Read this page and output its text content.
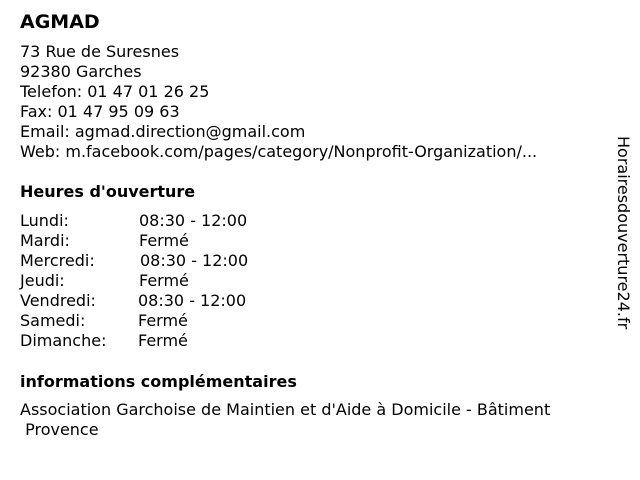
AGMAD
73 Rue de Suresnes
92380 Garches
Telefon: 01 47 01 26 25
Fax: 01 47 95 09 63
Email: agmad.direction@gmail.com
Web: m.facebook.com/pages/category/Nonprofit-Organization/...
Heures d'ouverture
Lundi:	08:30 - 12:00
Mardi:	Fermé
Mercredi:	08:30 - 12:00
Jeudi:	Fermé
Vendredi:	08:30 - 12:00
Samedi:	Fermé
Dimanche: Fermé
informations complémentaires
Association Garchoise de Maintien et d'Aide à Domicile - Bâtiment
Provence
Horairesdouverture24.fr
